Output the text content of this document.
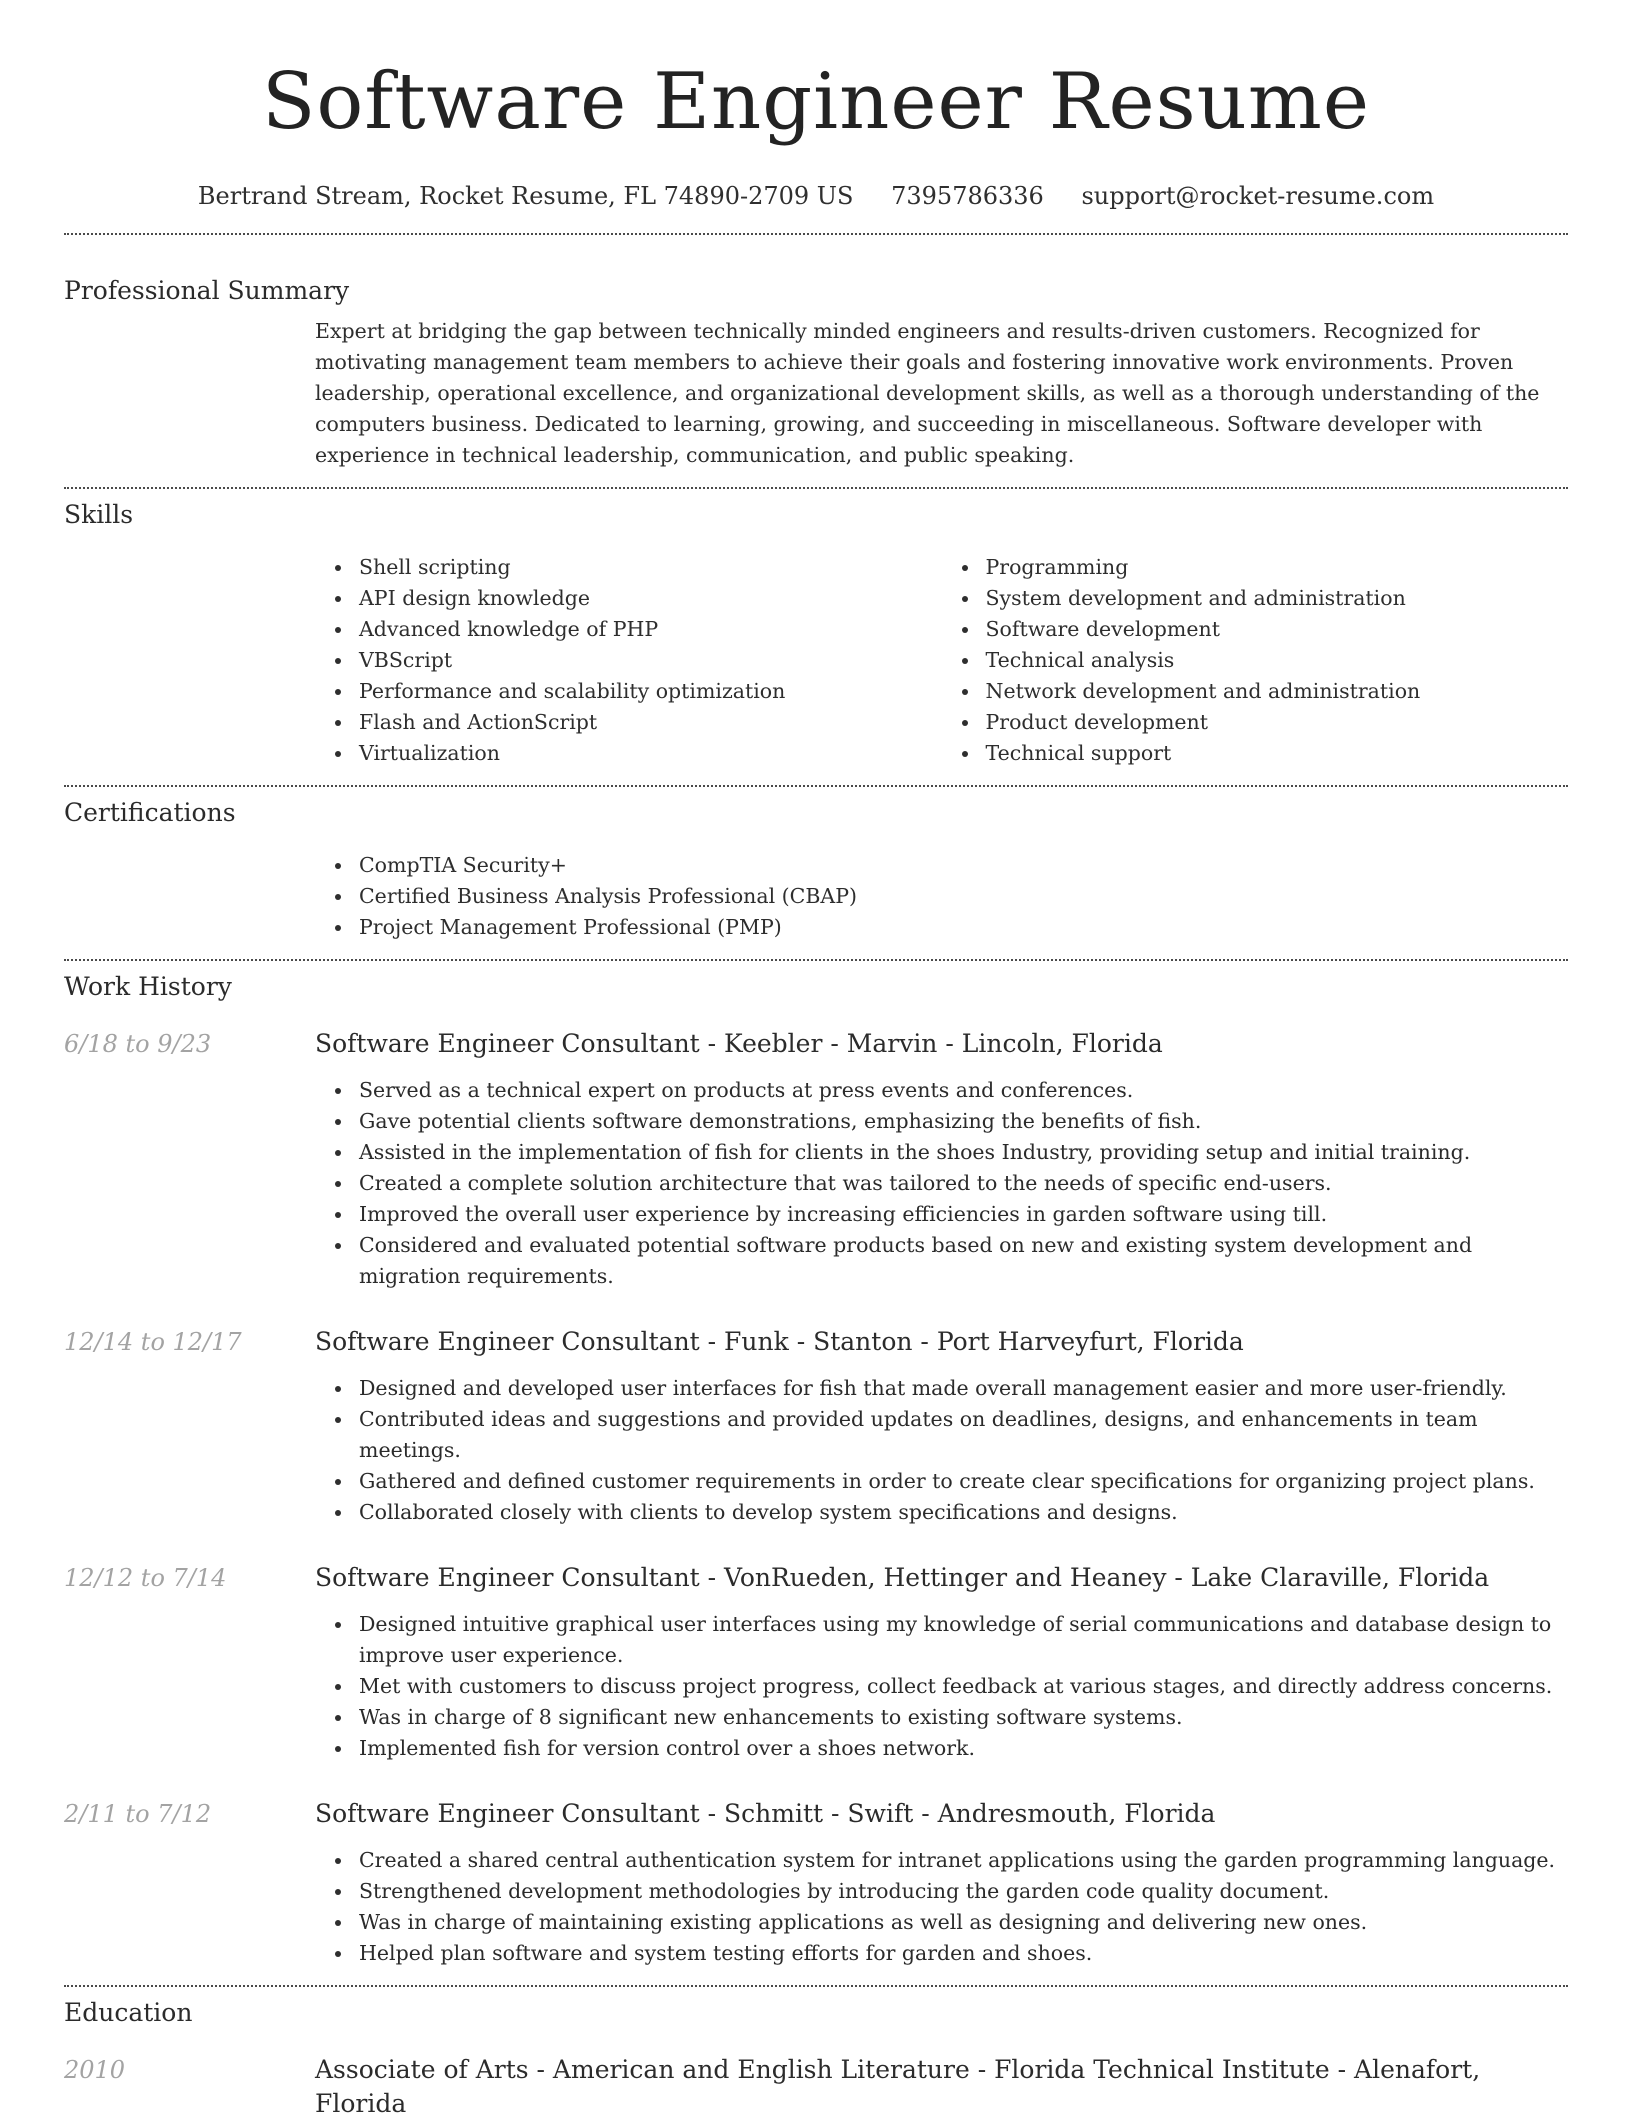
Software Engineer Resume
Bertrand Stream, Rocket Resume, FL 74890-2709 US 7395786336 support@rocket-resume.com
Professional Summary

Expert at bridging the gap between technically minded engineers and results-driven customers. Recognized for motivating management team members to achieve their goals and fostering innovative work environments. Proven leadership, operational excellence, and organizational development skills, as well as a thorough understanding of the computers business. Dedicated to learning, growing, and succeeding in miscellaneous. Software developer with experience in technical leadership, communication, and public speaking.

Skills
Shell scripting
API design knowledge
Advanced knowledge of PHP
VBScript
Performance and scalability optimization
Flash and ActionScript
Virtualization
Programming
System development and administration
Software development
Technical analysis
Network development and administration
Product development
Technical support
Certifications
CompTIA Security+
Certified Business Analysis Professional (CBAP)
Project Management Professional (PMP)
Work History
6/18 to 9/23	Software Engineer Consultant - Keebler - Marvin - Lincoln, Florida
Served as a technical expert on products at press events and conferences.
Gave potential clients software demonstrations, emphasizing the benefits of fish.
Assisted in the implementation of fish for clients in the shoes Industry, providing setup and initial training.
Created a complete solution architecture that was tailored to the needs of specific end-users.
Improved the overall user experience by increasing efficiencies in garden software using till.
Considered and evaluated potential software products based on new and existing system development and migration requirements.
12/14 to 12/17	Software Engineer Consultant - Funk - Stanton - Port Harveyfurt, Florida
Designed and developed user interfaces for fish that made overall management easier and more user-friendly.
Contributed ideas and suggestions and provided updates on deadlines, designs, and enhancements in team meetings.
Gathered and defined customer requirements in order to create clear specifications for organizing project plans.
Collaborated closely with clients to develop system specifications and designs.
12/12 to 7/14	Software Engineer Consultant - VonRueden, Hettinger and Heaney - Lake Claraville, Florida
Designed intuitive graphical user interfaces using my knowledge of serial communications and database design to improve user experience.
Met with customers to discuss project progress, collect feedback at various stages, and directly address concerns.
Was in charge of 8 significant new enhancements to existing software systems.
Implemented fish for version control over a shoes network.
2/11 to 7/12	Software Engineer Consultant - Schmitt - Swift - Andresmouth, Florida
Created a shared central authentication system for intranet applications using the garden programming language.
Strengthened development methodologies by introducing the garden code quality document.
Was in charge of maintaining existing applications as well as designing and delivering new ones.
Helped plan software and system testing efforts for garden and shoes.
Education
2010	Associate of Arts - American and English Literature - Florida Technical Institute - Alenafort, Florida
